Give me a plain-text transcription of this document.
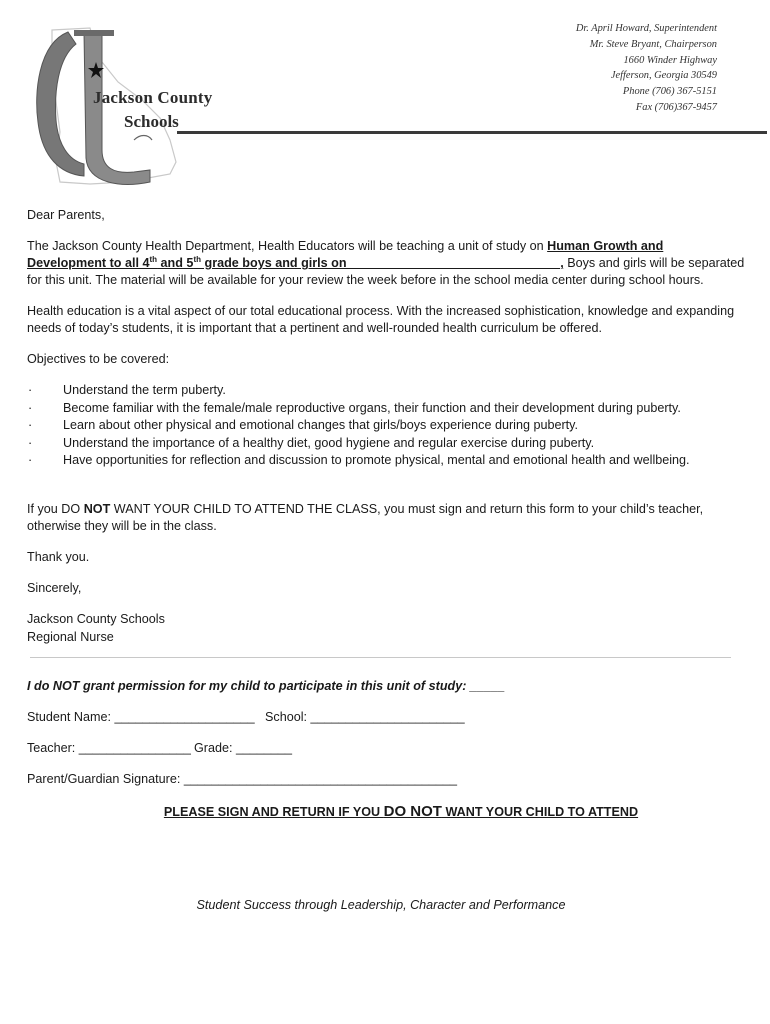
Jackson County
Schools
Dr. April Howard, Superintendent
Mr. Steve Bryant, Chairperson
1660 Winder Highway
Jefferson, Georgia 30549
Phone (706) 367-5151
Fax (706)367-9457
Dear Parents,
The Jackson County Health Department, Health Educators will be teaching a unit of study on Human Growth and
Development to all 4th and 5th grade boys and girls on ______________________________, Boys and girls will be separated
for this unit. The material will be available for your review the week before in the school media center during school hours.
Health education is a vital aspect of our total educational process. With the increased sophistication, knowledge and expanding
needs of today’s students, it is important that a pertinent and well-rounded health curriculum be offered.
Objectives to be covered:
· Understand the term puberty.
· Become familiar with the female/male reproductive organs, their function and their development during puberty.
· Learn about other physical and emotional changes that girls/boys experience during puberty.
· Understand the importance of a healthy diet, good hygiene and regular exercise during puberty.
· Have opportunities for reflection and discussion to promote physical, mental and emotional health and wellbeing.
If you DO NOT WANT YOUR CHILD TO ATTEND THE CLASS, you must sign and return this form to your child’s teacher,
otherwise they will be in the class.
Thank you.
Sincerely,
Jackson County Schools
Regional Nurse
I do NOT grant permission for my child to participate in this unit of study: _____
Student Name: ____________________ School: ______________________
Teacher: ________________ Grade: ________
Parent/Guardian Signature: _______________________________________
PLEASE SIGN AND RETURN IF YOU DO NOT WANT YOUR CHILD TO ATTEND
Student Success through Leadership, Character and Performance
